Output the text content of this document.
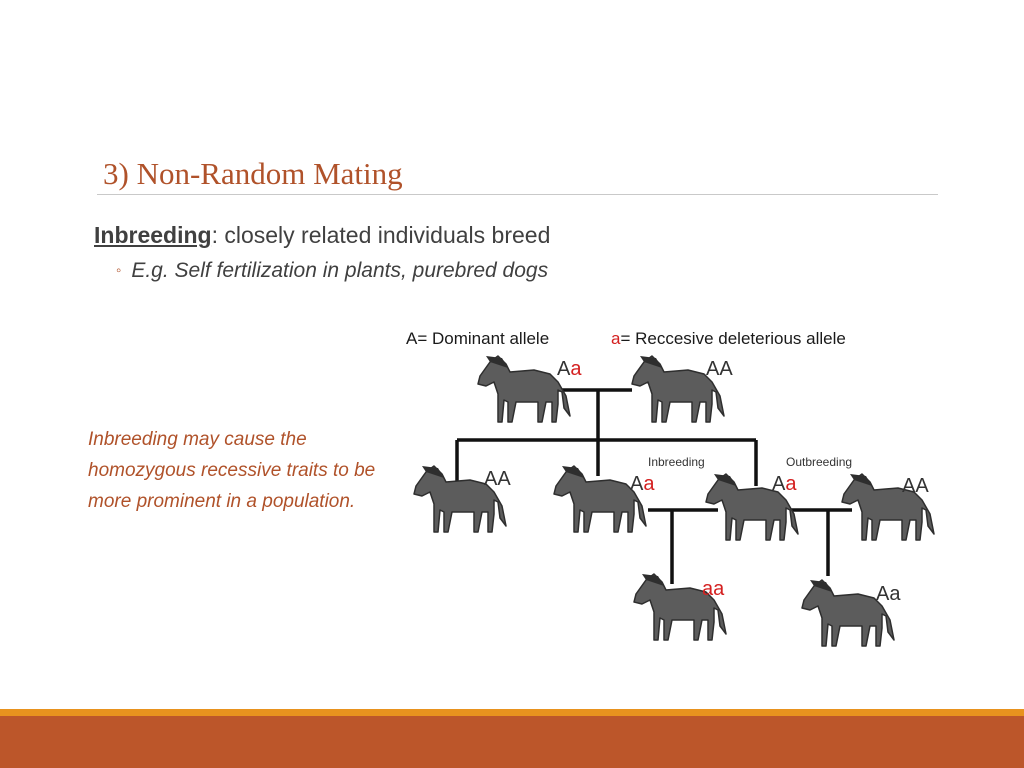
3) Non-Random Mating
Inbreeding: closely related individuals breed
◦ E.g. Self fertilization in plants, purebred dogs
Inbreeding may cause the homozygous recessive traits to be more prominent in a population.
A= Dominant allele	a= Reccesive deleterious allele
Aa	AA
AA	Aa	Aa	AA
aa	Aa
Inbreeding	Outbreeding
